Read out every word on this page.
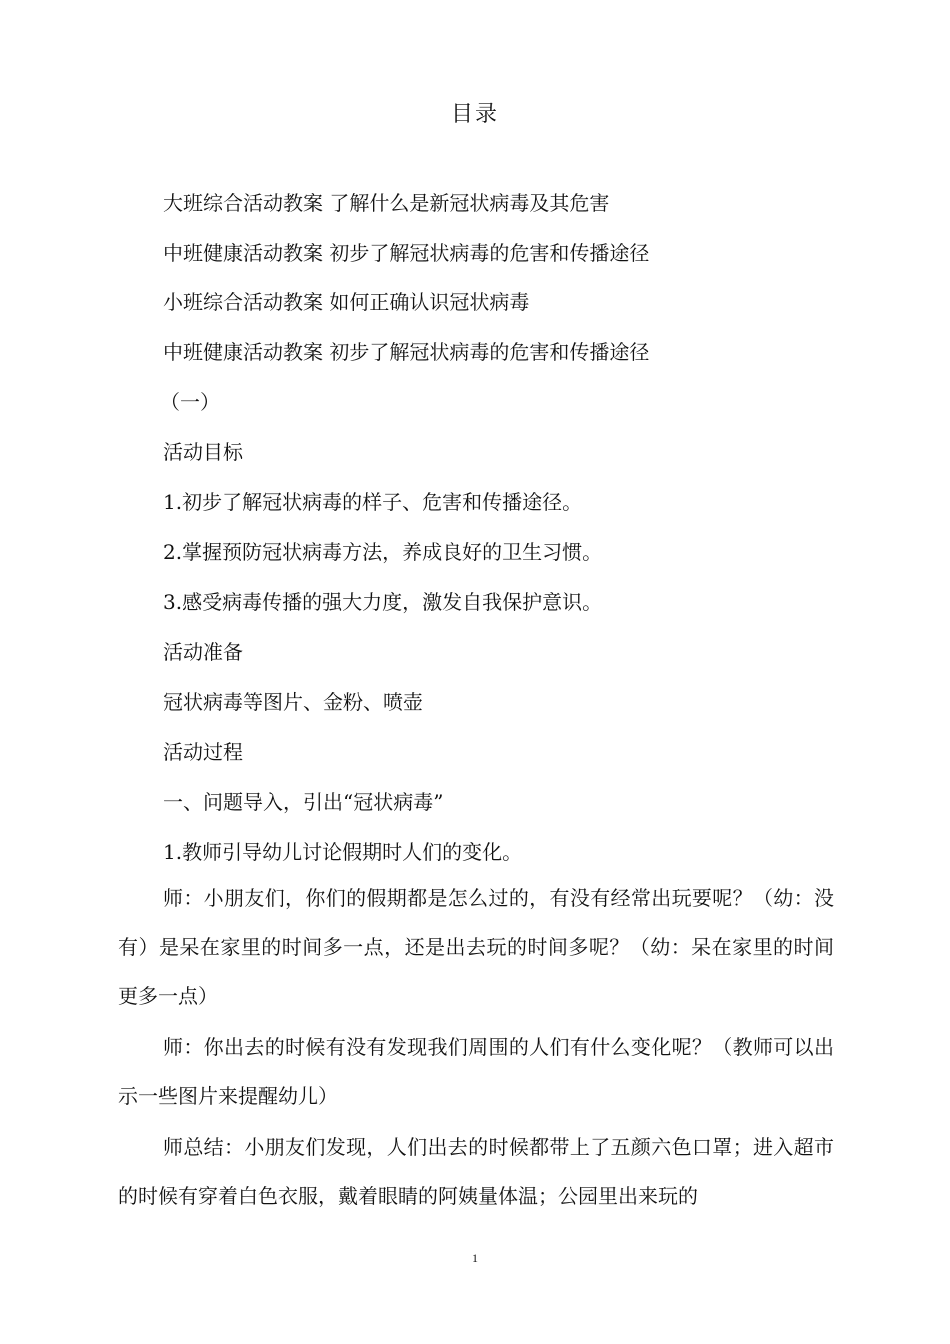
目录
大班综合活动教案 了解什么是新冠状病毒及其危害
中班健康活动教案 初步了解冠状病毒的危害和传播途径
小班综合活动教案 如何正确认识冠状病毒
中班健康活动教案 初步了解冠状病毒的危害和传播途径
（一）
活动目标
1.初步了解冠状病毒的样子、危害和传播途径。
2.掌握预防冠状病毒方法，养成良好的卫生习惯。
3.感受病毒传播的强大力度，激发自我保护意识。
活动准备
冠状病毒等图片、金粉、喷壶
活动过程
一、问题导入，引出“冠状病毒”
1.教师引导幼儿讨论假期时人们的变化。

师：小朋友们，你们的假期都是怎么过的，有没有经常出玩要呢？（幼：没有）是呆在家里的时间多一点，还是出去玩的时间多呢？（幼：呆在家里的时间更多一点）

师：你出去的时候有没有发现我们周围的人们有什么变化呢？（教师可以出示一些图片来提醒幼儿）

师总结：小朋友们发现，人们出去的时候都带上了五颜六色口罩；进入超市的时候有穿着白色衣服，戴着眼睛的阿姨量体温；公园里出来玩的

1
